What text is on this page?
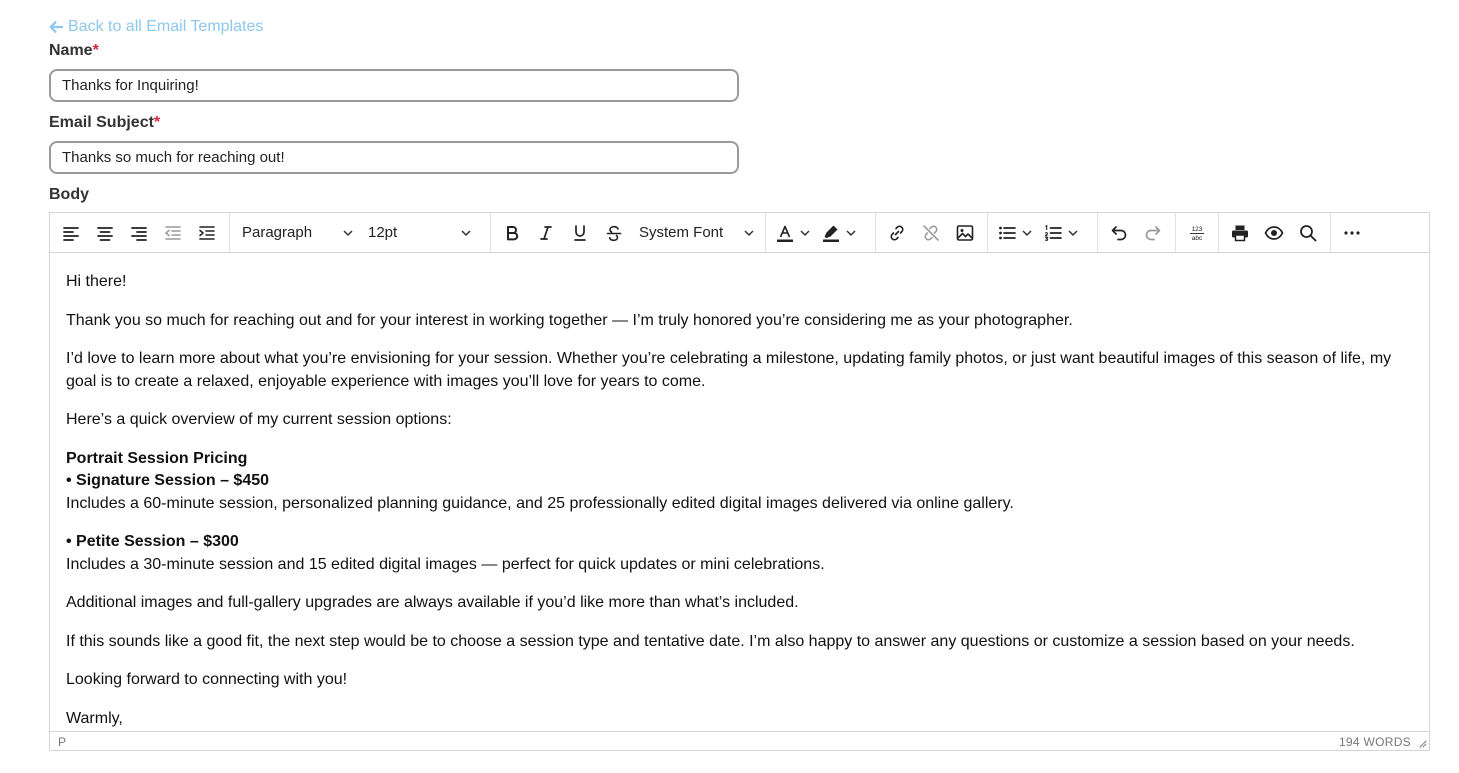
Back to all Email Templates
Name*
Thanks for Inquiring!
Email Subject*
Thanks so much for reaching out!
Body
Paragraph	12pt	System Font	123
abc

Hi there!

Thank you so much for reaching out and for your interest in working together — I’m truly honored you’re considering me as your photographer.

I’d love to learn more about what you’re envisioning for your session. Whether you’re celebrating a milestone, updating family photos, or just want beautiful images of this season of life, my goal is to create a relaxed, enjoyable experience with images you’ll love for years to come.

Here’s a quick overview of my current session options:

Portrait Session Pricing
• Signature Session – $450
Includes a 60-minute session, personalized planning guidance, and 25 professionally edited digital images delivered via online gallery.

• Petite Session – $300
Includes a 30-minute session and 15 edited digital images — perfect for quick updates or mini celebrations.

Additional images and full-gallery upgrades are always available if you’d like more than what’s included.

If this sounds like a good fit, the next step would be to choose a session type and tentative date. I’m also happy to answer any questions or customize a session based on your needs.

Looking forward to connecting with you!

Warmly,

P	194 WORDS
